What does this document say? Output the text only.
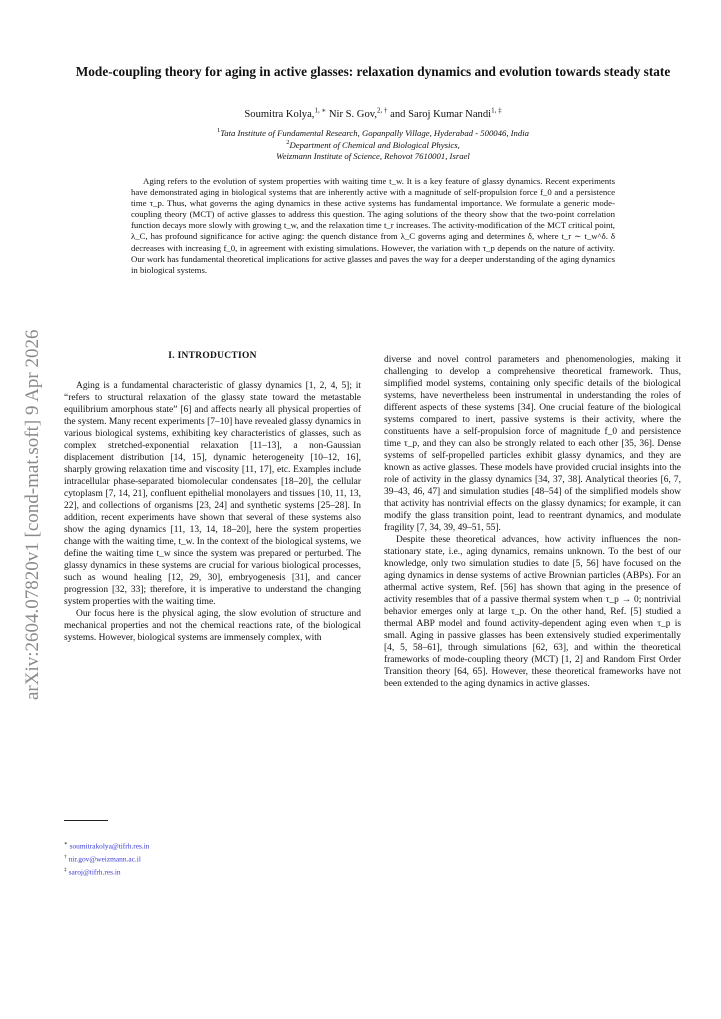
arXiv:2604.07820v1 [cond-mat.soft] 9 Apr 2026
Mode-coupling theory for aging in active glasses: relaxation dynamics and evolution towards steady state
Soumitra Kolya,$^{1, ∗}$ Nir S. Gov,$^{2, \dagger}$ and Saroj Kumar Nandi$^{1, \ddagger}$
$^1$Tata Institute of Fundamental Research, Gopanpally Village, Hyderabad - 500046, India
$^2$Department of Chemical and Biological Physics,
Weizmann Institute of Science, Rehovot 7610001, Israel

Aging refers to the evolution of system properties with waiting time t_w. It is a key feature of glassy dynamics. Recent experiments have demonstrated aging in biological systems that are inherently active with a magnitude of self-propulsion force f_0 and a persistence time τ_p. Thus, what governs the aging dynamics in these active systems has fundamental importance. We formulate a generic mode-coupling theory (MCT) of active glasses to address this question. The aging solutions of the theory show that the two-point correlation function decays more slowly with growing t_w, and the relaxation time t_r increases. The activity-modification of the MCT critical point, λ_C, has profound significance for active aging: the quench distance from λ_C governs aging and determines δ, where t_r ∼ t_w^δ. δ decreases with increasing f_0, in agreement with existing simulations. However, the variation with τ_p depends on the nature of activity. Our work has fundamental theoretical implications for active glasses and paves the way for a deeper understanding of the aging dynamics in biological systems.

I. INTRODUCTION

Aging is a fundamental characteristic of glassy dynamics [1, 2, 4, 5]; it “refers to structural relaxation of the glassy state toward the metastable equilibrium amorphous state” [6] and affects nearly all physical properties of the system. Many recent experiments [7–10] have revealed glassy dynamics in various biological systems, exhibiting key characteristics of glasses, such as complex stretched-exponential relaxation [11–13], a non-Gaussian displacement distribution [14, 15], dynamic heterogeneity [10–12, 16], sharply growing relaxation time and viscosity [11, 17], etc. Examples include intracellular phase-separated biomolecular condensates [18–20], the cellular cytoplasm [7, 14, 21], confluent epithelial monolayers and tissues [10, 11, 13, 22], and collections of organisms [23, 24] and synthetic systems [25–28]. In addition, recent experiments have shown that several of these systems also show the aging dynamics [11, 13, 14, 18–20], here the system properties change with the waiting time, t_w. In the context of the biological systems, we define the waiting time t_w since the system was prepared or perturbed. The glassy dynamics in these systems are crucial for various biological processes, such as wound healing [12, 29, 30], embryogenesis [31], and cancer progression [32, 33]; therefore, it is imperative to understand the changing system properties with the waiting time.

Our focus here is the physical aging, the slow evolution of structure and mechanical properties and not the chemical reactions rate, of the biological systems. However, biological systems are immensely complex, with

diverse and novel control parameters and phenomenologies, making it challenging to develop a comprehensive theoretical framework. Thus, simplified model systems, containing only specific details of the biological systems, have nevertheless been instrumental in understanding the roles of different aspects of these systems [34]. One crucial feature of the biological systems compared to inert, passive systems is their activity, where the constituents have a self-propulsion force of magnitude f_0 and persistence time τ_p, and they can also be strongly related to each other [35, 36]. Dense systems of self-propelled particles exhibit glassy dynamics, and they are known as active glasses. These models have provided crucial insights into the role of activity in the glassy dynamics [34, 37, 38]. Analytical theories [6, 7, 39–43, 46, 47] and simulation studies [48–54] of the simplified models show that activity has nontrivial effects on the glassy dynamics; for example, it can modify the glass transition point, lead to reentrant dynamics, and modulate fragility [7, 34, 39, 49–51, 55].

Despite these theoretical advances, how activity influences the non-stationary state, i.e., aging dynamics, remains unknown. To the best of our knowledge, only two simulation studies to date [5, 56] have focused on the aging dynamics in dense systems of active Brownian particles (ABPs). For an athermal active system, Ref. [56] has shown that aging in the presence of activity resembles that of a passive thermal system when τ_p → 0; nontrivial behavior emerges only at large τ_p. On the other hand, Ref. [5] studied a thermal ABP model and found activity-dependent aging even when τ_p is small. Aging in passive glasses has been extensively studied experimentally [4, 5, 58–61], through simulations [62, 63], and within the theoretical frameworks of mode-coupling theory (MCT) [1, 2] and Random First Order Transition theory [64, 65]. However, these theoretical frameworks have not been extended to the aging dynamics in active glasses.

∗ soumitrakolya@tifrh.res.in
† nir.gov@weizmann.ac.il
‡ saroj@tifrh.res.in
